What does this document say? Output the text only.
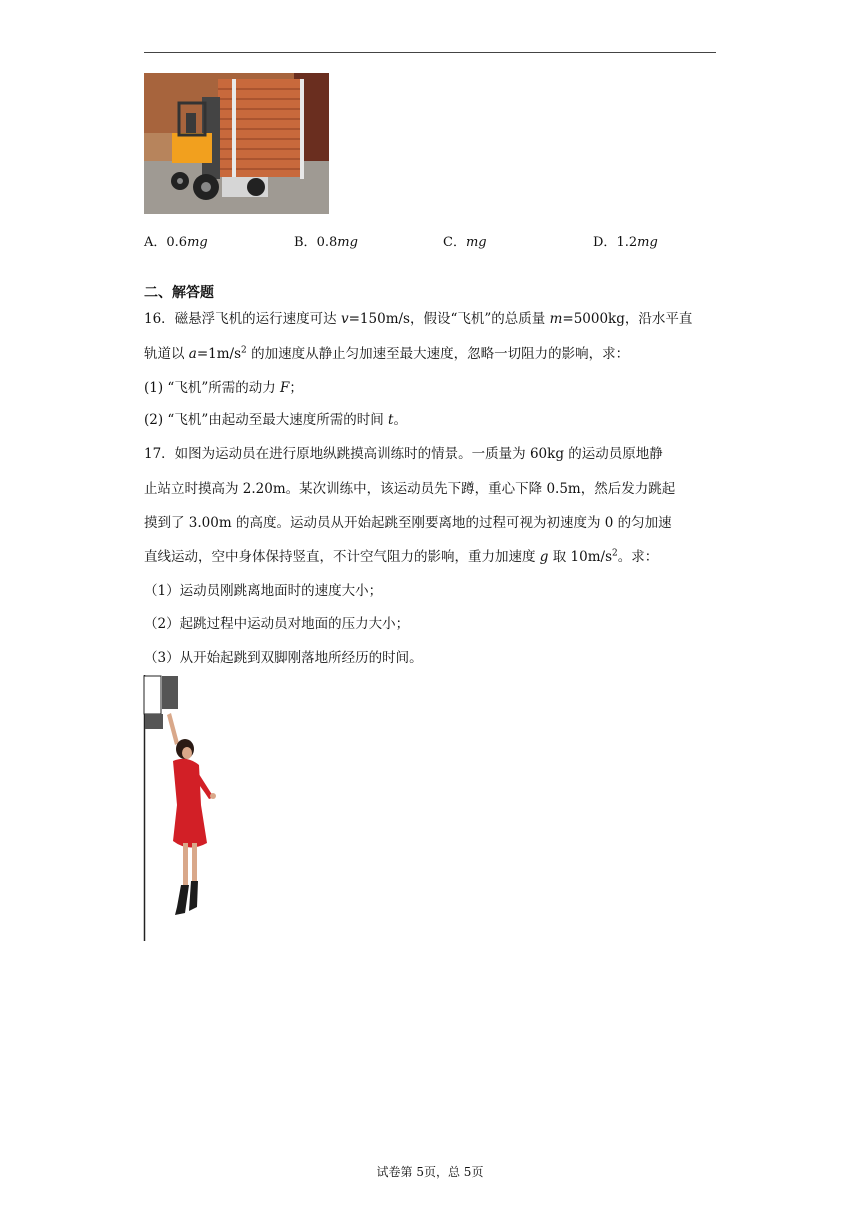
A．0.6mg	B．0.8mg	C．mg	D．1.2mg
二、解答题
16．磁悬浮飞机的运行速度可达 v=150m/s，假设“飞机”的总质量 m=5000kg，沿水平直
轨道以 $a=1m/s^2$ 的加速度从静止匀加速至最大速度，忽略一切阻力的影响，求：
(1) “飞机”所需的动力 F；
(2) “飞机”由起动至最大速度所需的时间 t。
17．如图为运动员在进行原地纵跳摸高训练时的情景。一质量为 60kg 的运动员原地静
止站立时摸高为 2.20m。某次训练中，该运动员先下蹲，重心下降 0.5m，然后发力跳起
摸到了 3.00m 的高度。运动员从开始起跳至刚要离地的过程可视为初速度为 0 的匀加速
直线运动，空中身体保持竖直，不计空气阻力的影响，重力加速度 g 取 $10m/s^2$。求：
（1）运动员刚跳离地面时的速度大小；
（2）起跳过程中运动员对地面的压力大小；
（3）从开始起跳到双脚刚落地所经历的时间。
试卷第 5页，总 5页
